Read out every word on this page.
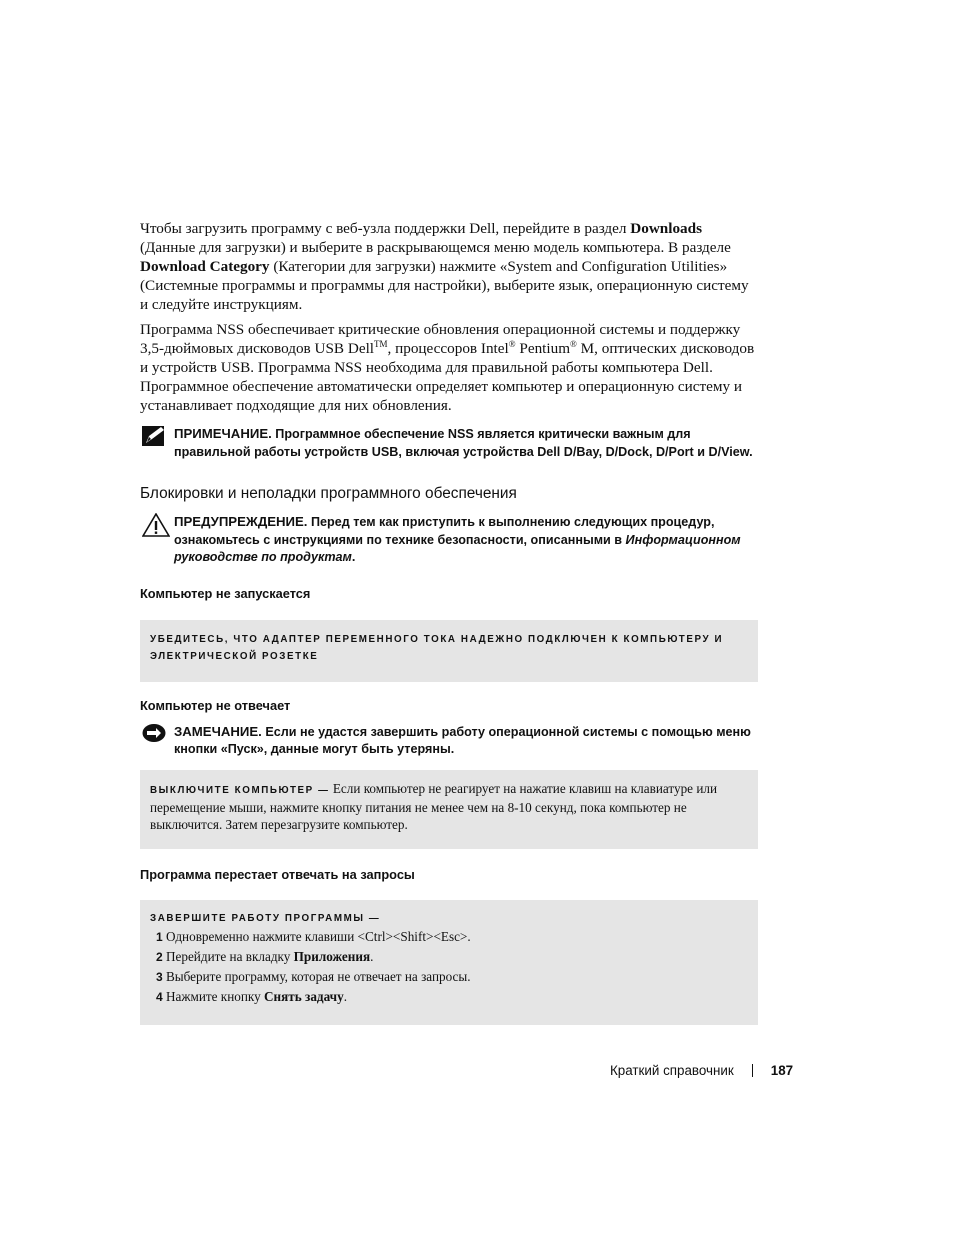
Чтобы загрузить программу с веб-узла поддержки Dell, перейдите в раздел Downloads (Данные для загрузки) и выберите в раскрывающемся меню модель компьютера. В разделе Download Category (Категории для загрузки) нажмите «System and Configuration Utilities» (Системные программы и программы для настройки), выберите язык, операционную систему и следуйте инструкциям.

Программа NSS обеспечивает критические обновления операционной системы и поддержку 3,5-дюймовых дисководов USB Dell™, процессоров Intel® Pentium® M, оптических дисководов и устройств USB. Программа NSS необходима для правильной работы компьютера Dell. Программное обеспечение автоматически определяет компьютер и операционную систему и устанавливает подходящие для них обновления.

ПРИМЕЧАНИЕ. Программное обеспечение NSS является критически важным для правильной работы устройств USB, включая устройства Dell D/Bay, D/Dock, D/Port и D/View.
Блокировки и неполадки программного обеспечения
ПРЕДУПРЕЖДЕНИЕ. Перед тем как приступить к выполнению следующих процедур, ознакомьтесь с инструкциями по технике безопасности, описанными в Информационном руководстве по продуктам.
Компьютер не запускается
УБЕДИТЕСЬ, ЧТО АДАПТЕР ПЕРЕМЕННОГО ТОКА НАДЕЖНО ПОДКЛЮЧЕН К КОМПЬЮТЕРУ И ЭЛЕКТРИЧЕСКОЙ РОЗЕТКЕ
Компьютер не отвечает
ЗАМЕЧАНИЕ. Если не удастся завершить работу операционной системы с помощью меню кнопки «Пуск», данные могут быть утеряны.
ВЫКЛЮЧИТЕ КОМПЬЮТЕР — Если компьютер не реагирует на нажатие клавиш на клавиатуре или перемещение мыши, нажмите кнопку питания не менее чем на 8-10 секунд, пока компьютер не выключится. Затем перезагрузите компьютер.
Программа перестает отвечать на запросы
ЗАВЕРШИТЕ РАБОТУ ПРОГРАММЫ —
1 Одновременно нажмите клавиши <Ctrl><Shift><Esc>.
2 Перейдите на вкладку Приложения.
3 Выберите программу, которая не отвечает на запросы.
4 Нажмите кнопку Снять задачу.
Краткий справочник	187
